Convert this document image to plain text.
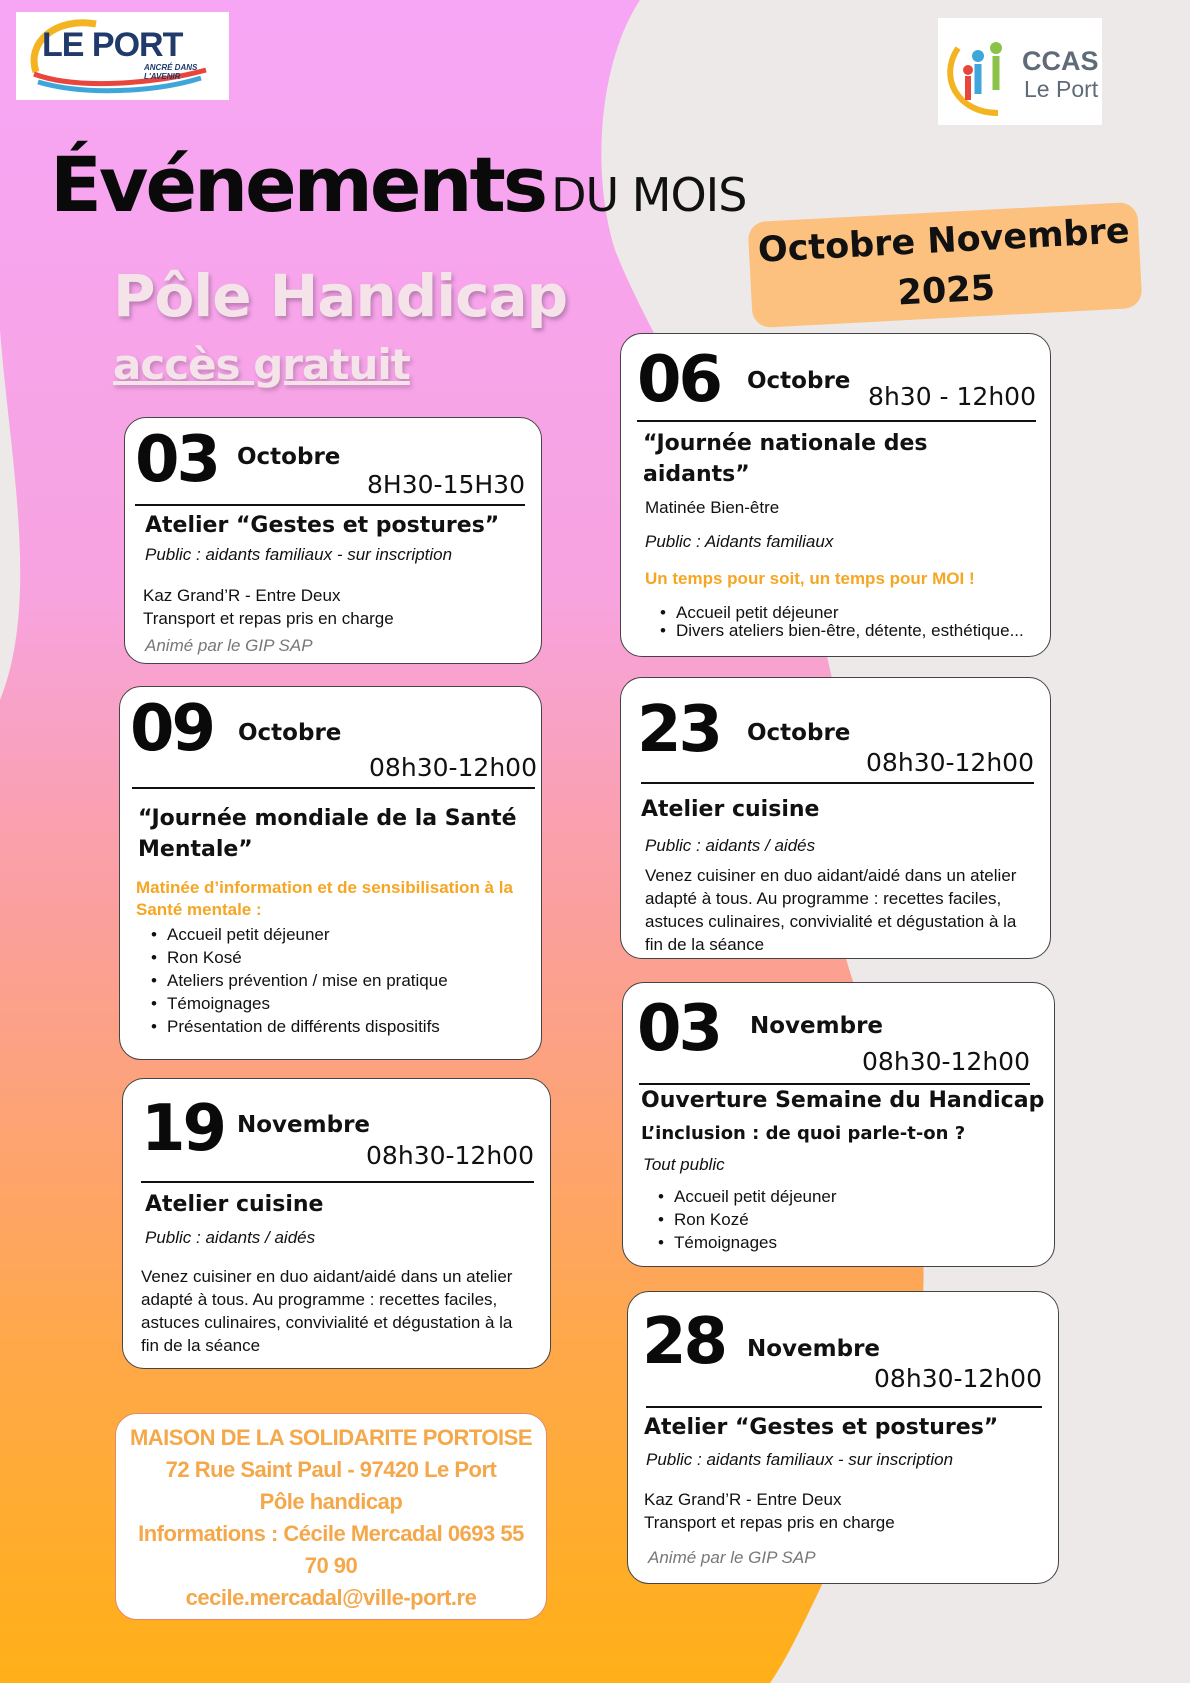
LE PORT
ANCRÉ DANS L'AVENIR
CCAS
Le Port
Événements DU MOIS
Octobre Novembre
2025
Pôle Handicap
accès gratuit
03 Octobre
8H30-15H30
Atelier “Gestes et postures”
Public : aidants familiaux - sur inscription
Kaz Grand’R - Entre Deux
Transport et repas pris en charge
Animé par le GIP SAP
09 Octobre
08h30-12h00
“Journée mondiale de la Santé
Mentale”
Matinée d’information et de sensibilisation à la
Santé mentale :
• Accueil petit déjeuner
• Ron Kosé
• Ateliers prévention / mise en pratique
• Témoignages
• Présentation de différents dispositifs
19 Novembre
08h30-12h00
Atelier cuisine
Public : aidants / aidés
Venez cuisiner en duo aidant/aidé dans un atelier
adapté à tous. Au programme : recettes faciles,
astuces culinaires, convivialité et dégustation à la
fin de la séance
06 Octobre
8h30 - 12h00
“Journée nationale des
aidants”
Matinée Bien-être
Public : Aidants familiaux
Un temps pour soit, un temps pour MOI !
• Accueil petit déjeuner
• Divers ateliers bien-être, détente, esthétique...
23 Octobre
08h30-12h00
Atelier cuisine
Public : aidants / aidés
Venez cuisiner en duo aidant/aidé dans un atelier
adapté à tous. Au programme : recettes faciles,
astuces culinaires, convivialité et dégustation à la
fin de la séance
03 Novembre
08h30-12h00
Ouverture Semaine du Handicap
L’inclusion : de quoi parle-t-on ?
Tout public
• Accueil petit déjeuner
• Ron Kozé
• Témoignages
28 Novembre
08h30-12h00
Atelier “Gestes et postures”
Public : aidants familiaux - sur inscription
Kaz Grand’R - Entre Deux
Transport et repas pris en charge
Animé par le GIP SAP
MAISON DE LA SOLIDARITE PORTOISE
72 Rue Saint Paul - 97420 Le Port
Pôle handicap
Informations : Cécile Mercadal 0693 55
70 90
cecile.mercadal@ville-port.re
